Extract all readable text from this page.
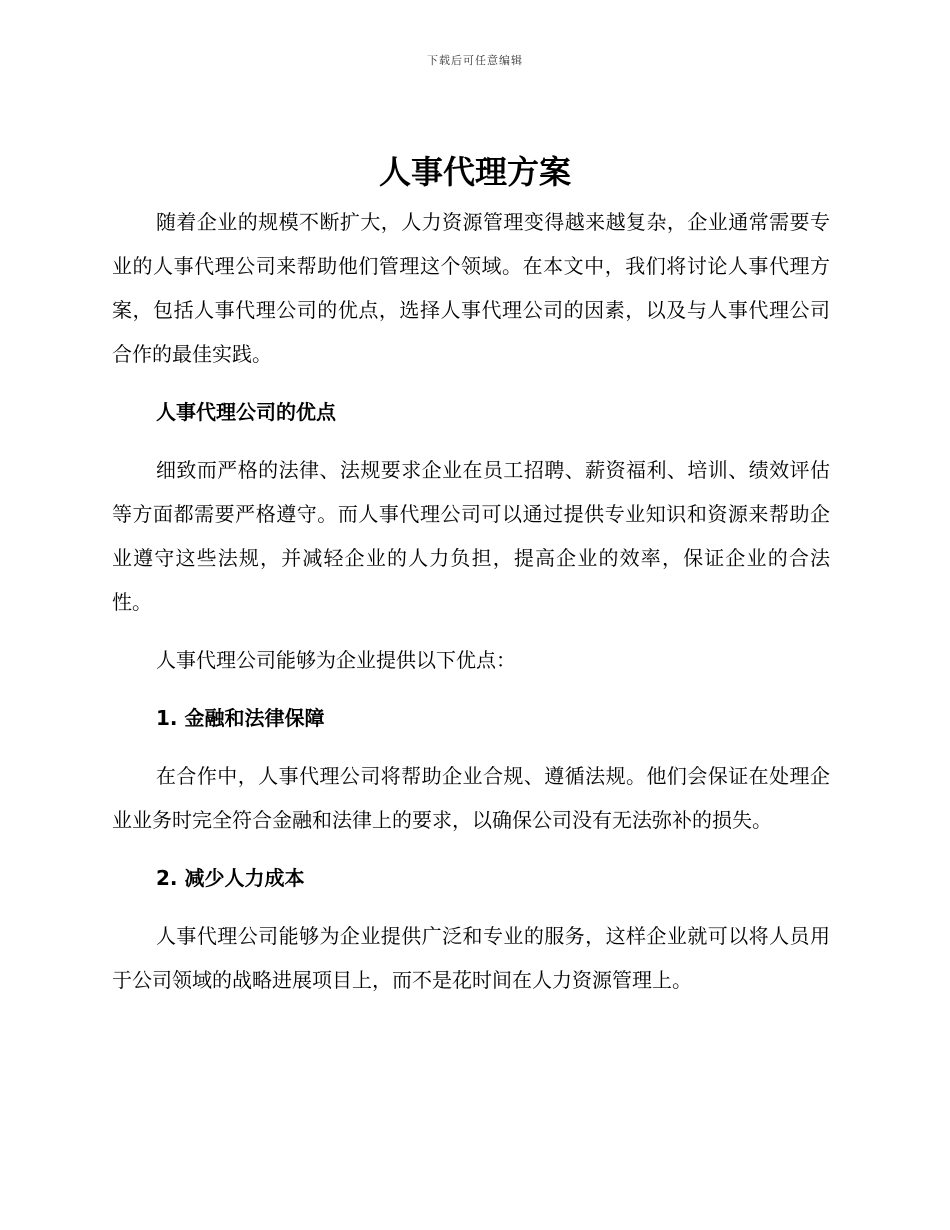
下载后可任意编辑
人事代理方案

随着企业的规模不断扩大，人力资源管理变得越来越复杂，企业通常需要专业的人事代理公司来帮助他们管理这个领域。在本文中，我们将讨论人事代理方案，包括人事代理公司的优点，选择人事代理公司的因素，以及与人事代理公司合作的最佳实践。

人事代理公司的优点

细致而严格的法律、法规要求企业在员工招聘、薪资福利、培训、绩效评估等方面都需要严格遵守。而人事代理公司可以通过提供专业知识和资源来帮助企业遵守这些法规，并减轻企业的人力负担，提高企业的效率，保证企业的合法性。

人事代理公司能够为企业提供以下优点：

1. 金融和法律保障

在合作中，人事代理公司将帮助企业合规、遵循法规。他们会保证在处理企业业务时完全符合金融和法律上的要求，以确保公司没有无法弥补的损失。

2. 减少人力成本

人事代理公司能够为企业提供广泛和专业的服务，这样企业就可以将人员用于公司领域的战略进展项目上，而不是花时间在人力资源管理上。
